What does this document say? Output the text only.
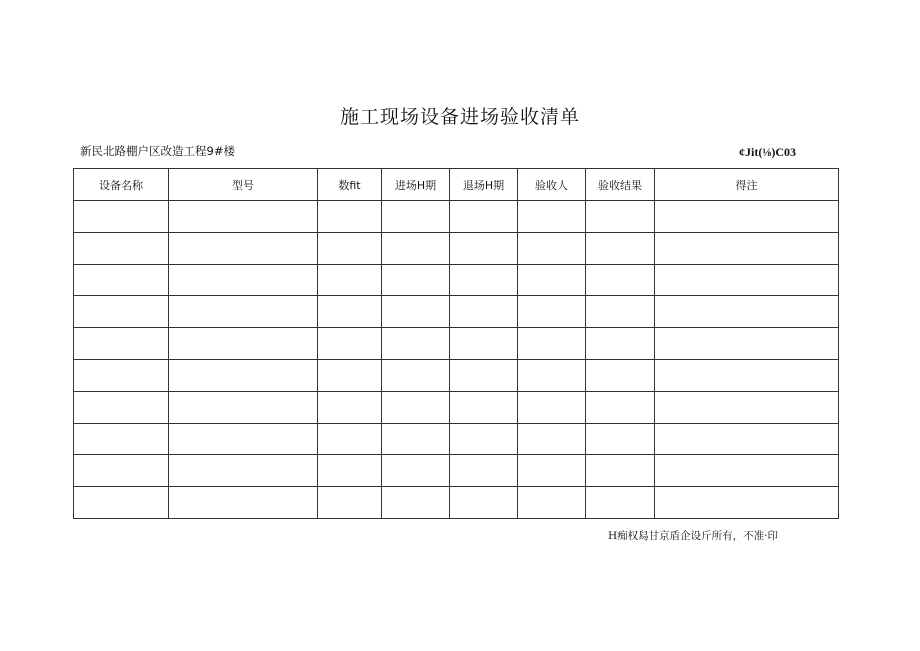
施工现场设备进场验收清单
新民北路棚户区改造工程9#楼	¢Jit(⅛)C03
设备名称	型号	数fit	进场H期	退场H期	验收人	验收结果	得注

H痴权舄甘京盾企设斤所有，不准·印
